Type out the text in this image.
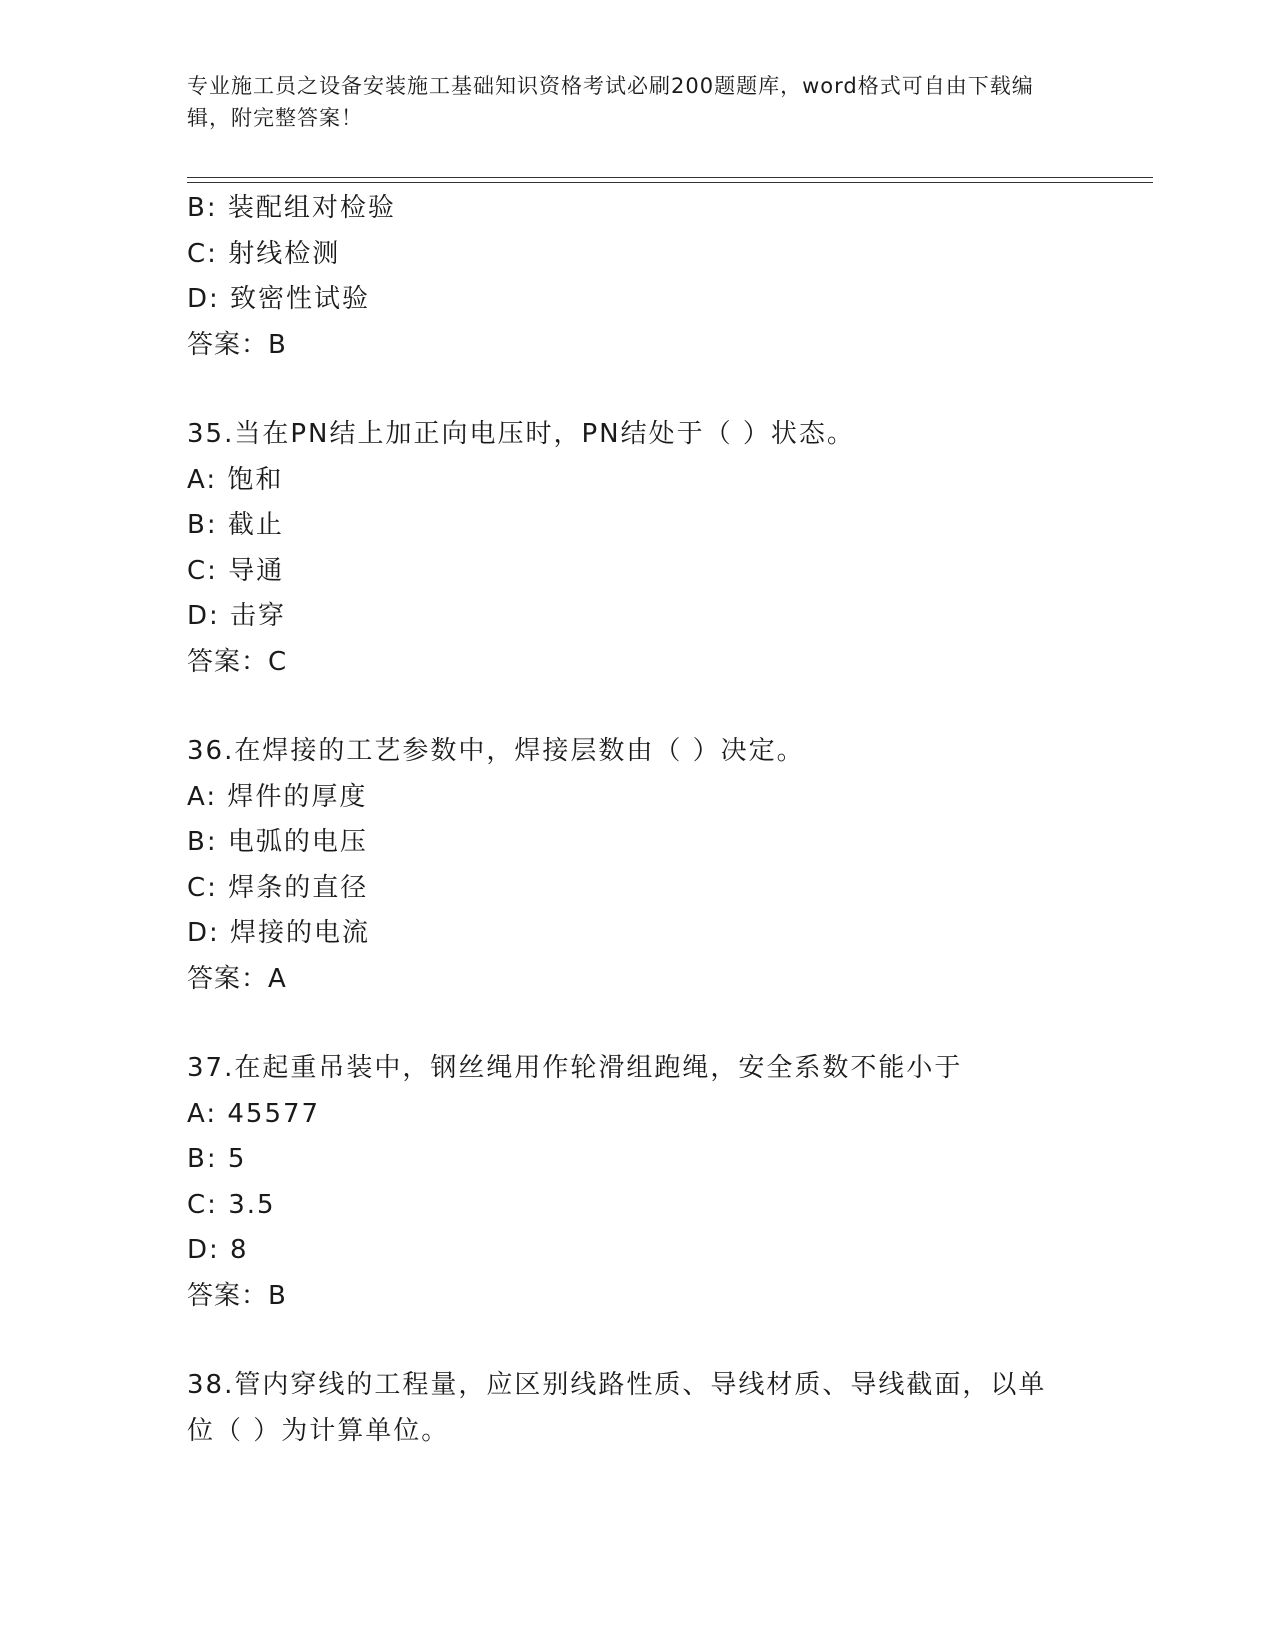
专业施工员之设备安装施工基础知识资格考试必刷200题题库，word格式可自由下载编辑，附完整答案！
B: 装配组对检验
C: 射线检测
D: 致密性试验
答案：B
35.当在PN结上加正向电压时，PN结处于（ ）状态。
A: 饱和
B: 截止
C: 导通
D: 击穿
答案：C
36.在焊接的工艺参数中，焊接层数由（ ）决定。
A: 焊件的厚度
B: 电弧的电压
C: 焊条的直径
D: 焊接的电流
答案：A
37.在起重吊装中，钢丝绳用作轮滑组跑绳，安全系数不能小于
A: 45577
B: 5
C: 3.5
D: 8
答案：B
38.管内穿线的工程量，应区别线路性质、导线材质、导线截面，以单
位（ ）为计算单位。
